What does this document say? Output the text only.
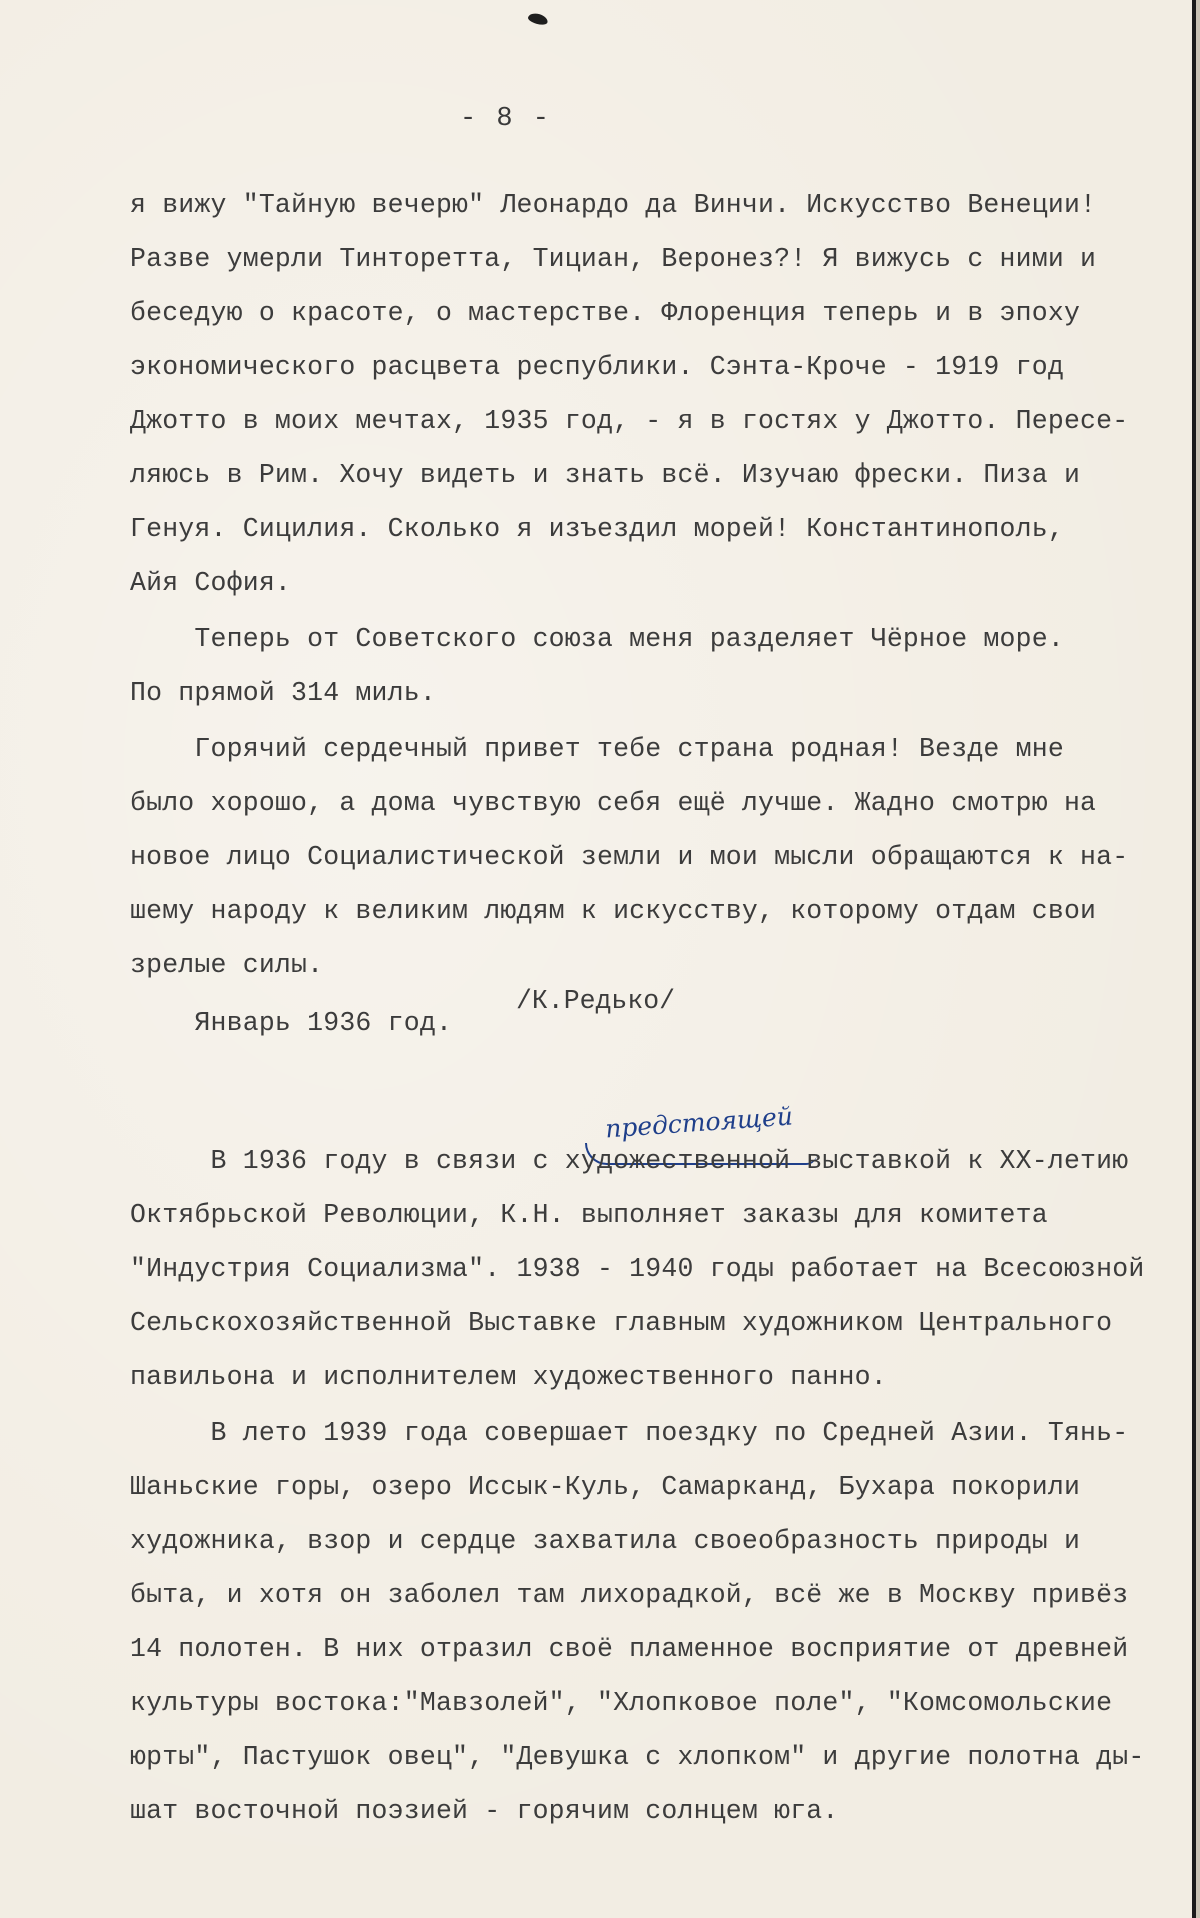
- 8 -
я вижу "Тайную вечерю" Леонардо да Винчи. Искусство Венеции!
Разве умерли Тинторетта, Тициан, Веронез?! Я вижусь с ними и
беседую о красоте, о мастерстве. Флоренция теперь и в эпоху
экономического расцвета республики. Сэнта-Кроче - 1919 год
Джотто в моих мечтах, 1935 год, - я в гостях у Джотто. Пересе-
ляюсь в Рим. Хочу видеть и знать всё. Изучаю фрески. Пиза и
Генуя. Сицилия. Сколько я изъездил морей! Константинополь,
Айя София.
Теперь от Советского союза меня разделяет Чёрное море.
По прямой 314 миль.
Горячий сердечный привет тебе страна родная! Везде мне
было хорошо, а дома чувствую себя ещё лучше. Жадно смотрю на
новое лицо Социалистической земли и мои мысли обращаются к на-
шему народу к великим людям к искусству, которому отдам свои
зрелые силы.
/К.Редько/
Январь 1936 год.
предстоящей
В 1936 году в связи с художественной выставкой к ХХ-летию
Октябрьской Революции, К.Н. выполняет заказы для комитета
"Индустрия Социализма". 1938 - 1940 годы работает на Всесоюзной
Сельскохозяйственной Выставке главным художником Центрального
павильона и исполнителем художественного панно.
В лето 1939 года совершает поездку по Средней Азии. Тянь-
Шаньские горы, озеро Иссык-Куль, Самарканд, Бухара покорили
художника, взор и сердце захватила своеобразность природы и
быта, и хотя он заболел там лихорадкой, всё же в Москву привёз
14 полотен. В них отразил своё пламенное восприятие от древней
культуры востока:"Мавзолей", "Хлопковое поле", "Комсомольские
юрты", Пастушок овец", "Девушка с хлопком" и другие полотна ды-
шат восточной поэзией - горячим солнцем юга.
